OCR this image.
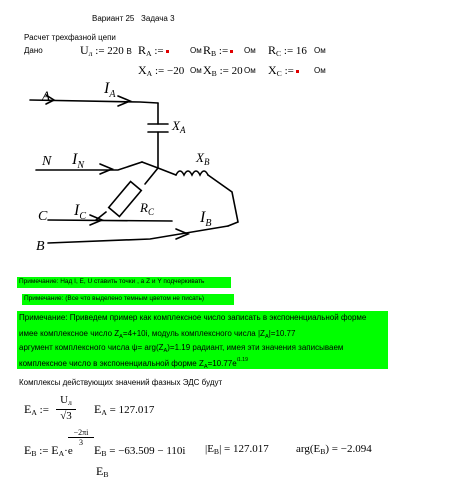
Вариант 25 Задача 3
Расчет трехфазной цепи
Дано	$U_л$ := 220 В $R_A$ :=	Ом $R_B$ :=	Ом $R_C$ := 16 Ом
$X_A$ := −20 Ом $X_B$ := 20 Ом $X_C$ :=	Ом
A	$I_A$
$X_A$
N $I_N$
$X_B$
$R_C$
C $I_C$
B
$I_B$
Примечание: Над I, E, U ставить точки , а Z и Y подчеркивать
Примечание: (Все что выделено темным цветом не писать)
Примечание: Приведем пример как комплексное число записать в экспоненциальной форме
имее комплексное число $Z_A=4+10i$, модуль комплексного числа $|Z_A|=10.77$
аргумент комплексного числа $\psi= arg(Z_A)=1.19$ радиант, имея эти значения записываем
комплексное число в экспоненциальной форме $Z_A=10.77e^{i1.19}$
Комплексы действующих значений фазных ЭДС будут
$E_A$ :=
$U_л$
√3	$E_A = 127.017$
$E_B$ := $E_A\cdot e$
−2πi
3
$E_B = -63.509 - 110i$ $|E_B| = 127.017$ $arg(E_B) = -2.094$
$E_B$
